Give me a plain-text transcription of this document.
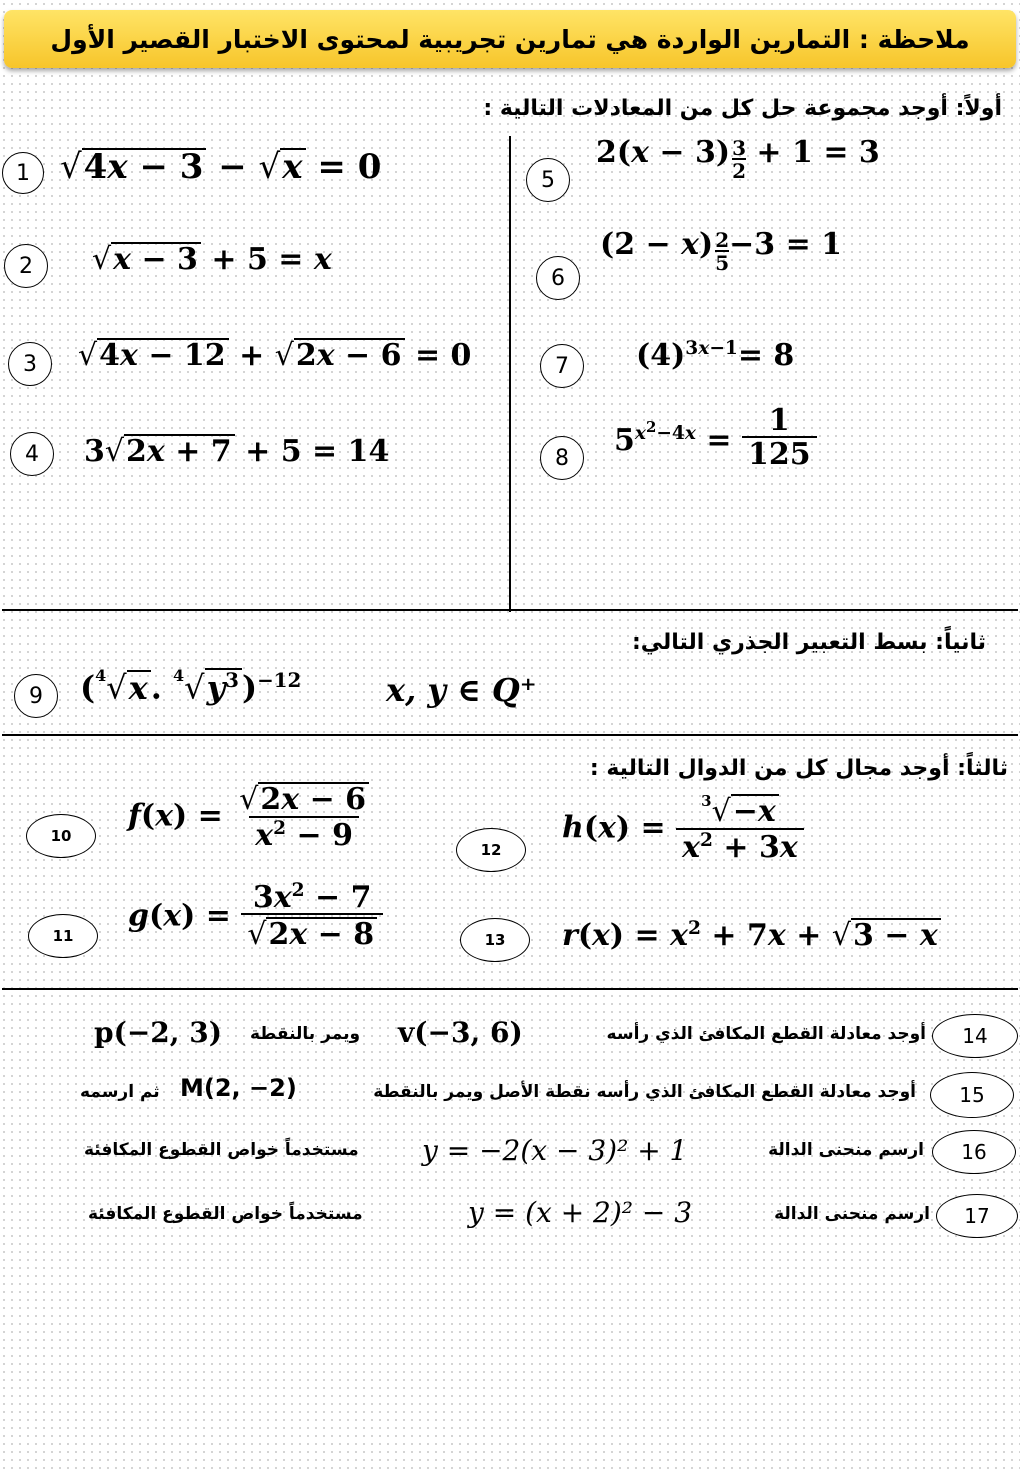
ملاحظة : التمارين الواردة هي تمارين تجريبية لمحتوى الاختبار القصير الأول
أولاً: أوجد مجموعة حل كل من المعادلات التالية :
1 √4x − 3 − √x = 0
2 √x − 3 + 5 = x
3 √4x − 12 + √2x − 6 = 0
4 3√2x + 7 + 5 = 14
5
$2(x - 3) \frac{3}{2} + 1 = 3$
6
$(2 - x) \frac{2}{5} -3 = 1$
7 $(4)^{3x-1}= 8$
8 $5^{x^2-4x} = \frac{1}{125}$
ثانياً: بسط التعبير الجذري التالي:
9 ($^4$√x. $^4√y^3)^{-12}$	x, y ∈ Q⁺
ثالثاً: أوجد مجال كل من الدوال التالية :
10
$f(x) = \frac{√2x - 6}{x^2 - 9}$
11
$g(x) = \frac{3x^2 - 7}{√2x - 8}$
12
$h(x) = \frac{^3√-x}{x^2 + 3x}$
13 $r(x) = x^2 + 7x + √3 - x$
14
أوجد معادلة القطع المكافئ الذي رأسه
v(−3, 6)
ويمر بالنقطة
p(−2, 3)
15
أوجد معادلة القطع المكافئ الذي رأسه نقطة الأصل ويمر بالنقطة
M(2, −2)
ثم ارسمه
16
ارسم منحنى الدالة
y = −2(x − 3)² + 1
مستخدماً خواص القطوع المكافئة
17
ارسم منحنى الدالة
y = (x + 2)² − 3
مستخدماً خواص القطوع المكافئة
